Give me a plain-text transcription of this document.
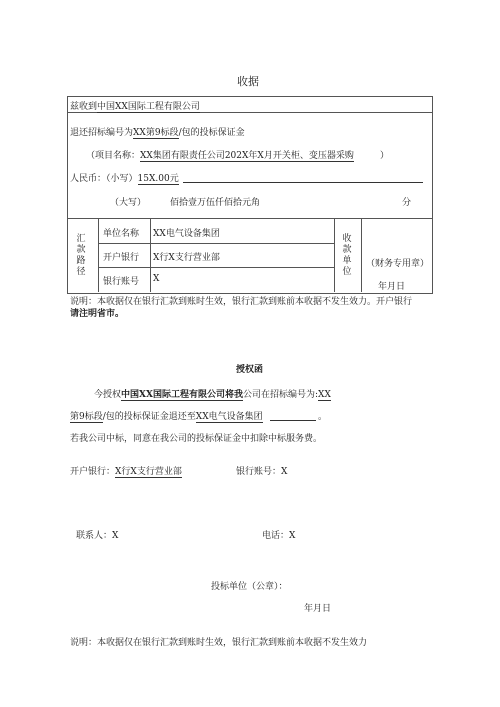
收据
兹收到中国XX国际工程有限公司
退还招标编号为XX第9标段/包的投标保证金
（项目名称：XX集团有限责任公司202X年X月开关柜、变压器采购	）
人民币：（小写）15X.00元
（大写）	佰拾壹万伍仟佰拾元角	分
汇款路径
单位名称 XX电气设备集团
开户银行 X行X支行营业部
银行账号 X
收款单位
（财务专用章）
年月日
说明：本收据仅在银行汇款到账时生效，银行汇款到账前本收据不发生效力。开户银行
请注明省市。
授权函
今授权中国XX国际工程有限公司将我公司在招标编号为:XX
第9标段/包的投标保证金退还至XX电气设备集团	。
若我公司中标，同意在我公司的投标保证金中扣除中标服务费。
开户银行：X行X支行营业部	银行账号：X
联系人：X	电话：X
投标单位（公章）：
年月日
说明：本收据仅在银行汇款到账时生效，银行汇款到账前本收据不发生效力
